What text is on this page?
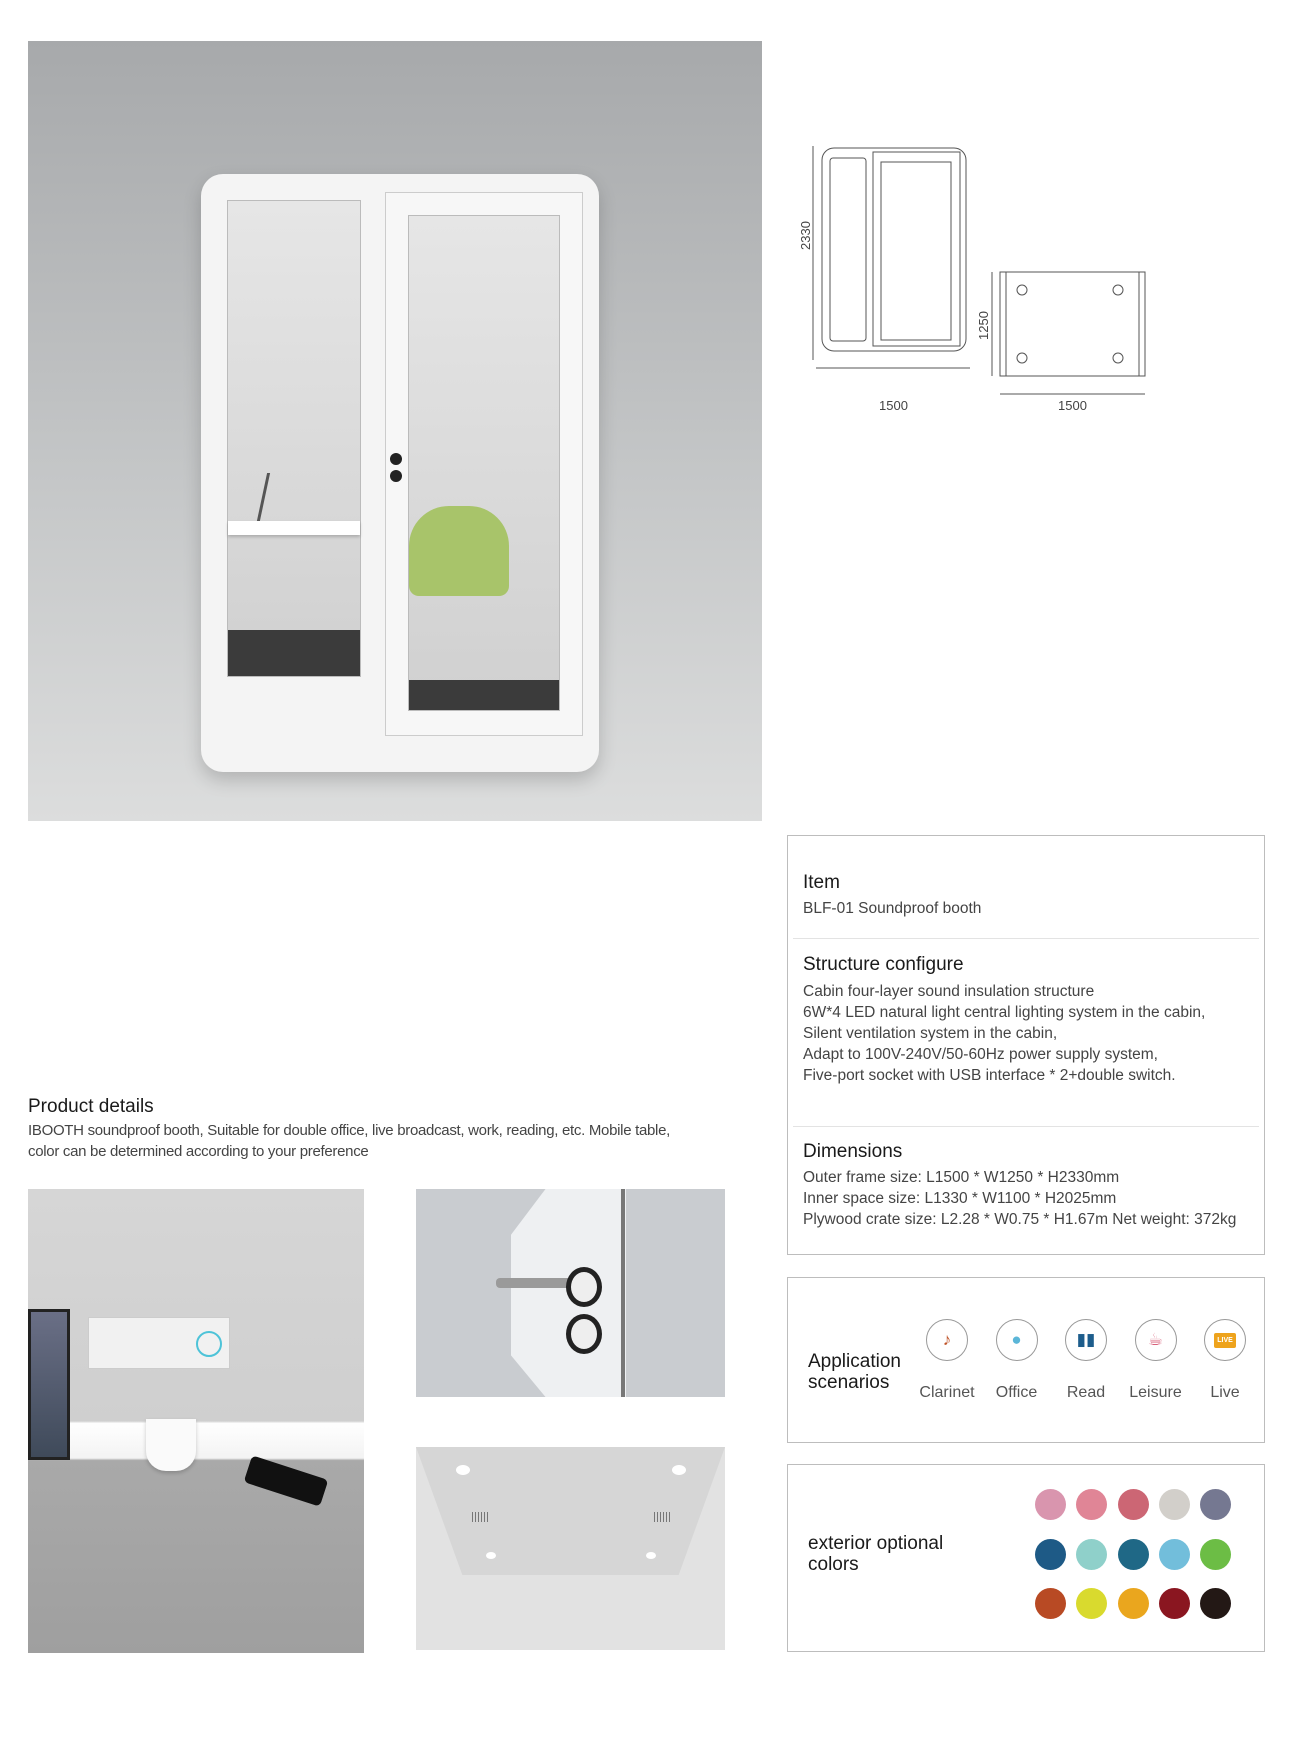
2330
1500
1250
1500
Item
BLF-01 Soundproof booth
Structure configure
Cabin four-layer sound insulation structure
6W*4 LED natural light central lighting system in the cabin,
Silent ventilation system in the cabin,
Adapt to 100V-240V/50-60Hz power supply system,
Five-port socket with USB interface * 2+double switch.
Dimensions
Outer frame size: L1500 * W1250 * H2330mm
Inner space size: L1330 * W1100 * H2025mm
Plywood crate size: L2.28 * W0.75 * H1.67m Net weight: 372kg
Product details
IBOOTH soundproof booth, Suitable for double office, live broadcast, work, reading, etc. Mobile table,
color can be determined according to your preference
Application
scenarios
♪
Clarinet
●
Office
▮▮
Read
☕
Leisure
LIVE
Live
exterior optional
colors
